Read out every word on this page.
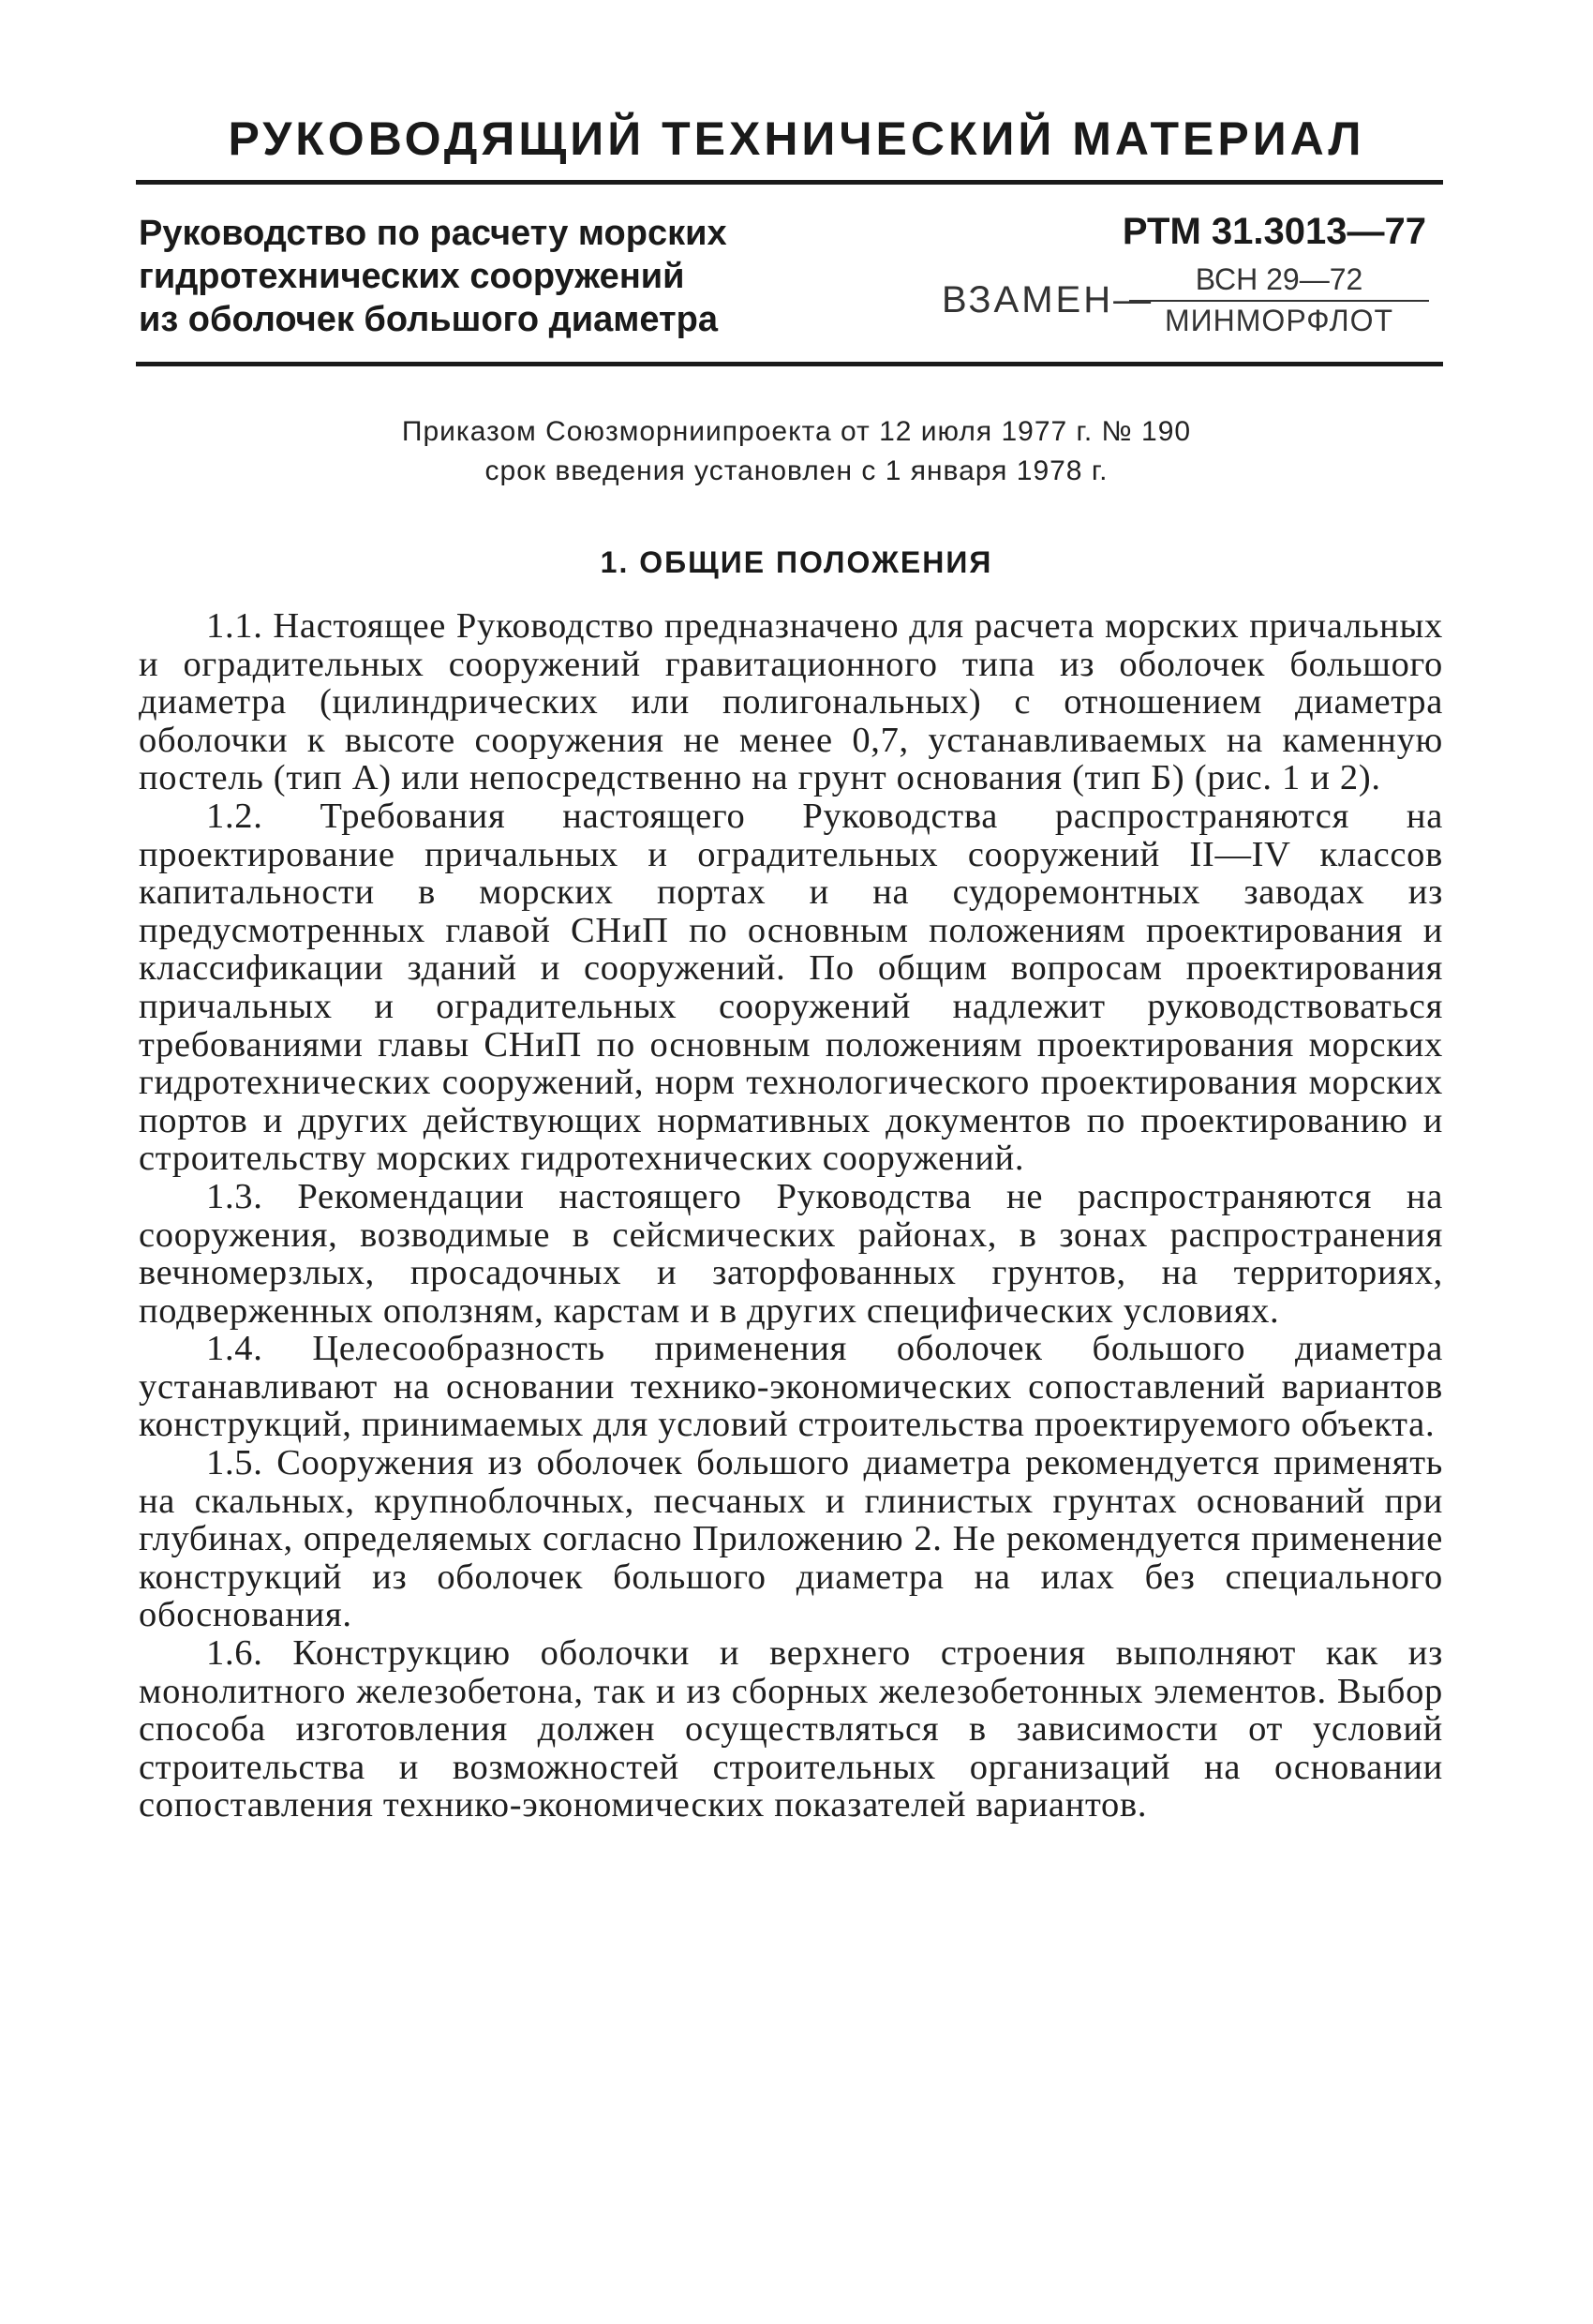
РУКОВОДЯЩИЙ ТЕХНИЧЕСКИЙ МАТЕРИАЛ
Руководство по расчету морских
гидротехнических сооружений
из оболочек большого диаметра
РТМ 31.3013—77
ВЗАМЕН—	ВСН 29—72
МИНМОРФЛОТ
Приказом Союзморниипроекта от 12 июля 1977 г. № 190
срок введения установлен с 1 января 1978 г.
1. ОБЩИЕ ПОЛОЖЕНИЯ

1.1. Настоящее Руководство предназначено для расчета морских причальных и оградительных сооружений гравитационного типа из оболочек большого диаметра (цилиндрических или полигональных) с отношением диаметра оболочки к высоте сооружения не менее 0,7, устанавливаемых на каменную постель (тип А) или непосредственно на грунт основания (тип Б) (рис. 1 и 2).

1.2. Требования настоящего Руководства распространяются на проектирование причальных и оградительных сооружений II—IV классов капитальности в морских портах и на судоремонтных заводах из предусмотренных главой СНиП по основным положениям проектирования и классификации зданий и сооружений. По общим вопросам проектирования причальных и оградительных сооружений надлежит руководствоваться требованиями главы СНиП по основным положениям проектирования морских гидротехнических сооружений, норм технологического проектирования морских портов и других действующих нормативных документов по проектированию и строительству морских гидротехнических сооружений.

1.3. Рекомендации настоящего Руководства не распространяются на сооружения, возводимые в сейсмических районах, в зонах распространения вечномерзлых, просадочных и заторфованных грунтов, на территориях, подверженных оползням, карстам и в других специфических условиях.

1.4. Целесообразность применения оболочек большого диаметра устанавливают на основании технико-экономических сопоставлений вариантов конструкций, принимаемых для условий строительства проектируемого объекта.

1.5. Сооружения из оболочек большого диаметра рекомендуется применять на скальных, крупноблочных, песчаных и глинистых грунтах оснований при глубинах, определяемых согласно Приложению 2. Не рекомендуется применение конструкций из оболочек большого диаметра на илах без специального обоснования.

1.6. Конструкцию оболочки и верхнего строения выполняют как из монолитного железобетона, так и из сборных железобетонных элементов. Выбор способа изготовления должен осуществляться в зависимости от условий строительства и возможностей строительных организаций на основании сопоставления технико-экономических показателей вариантов.
